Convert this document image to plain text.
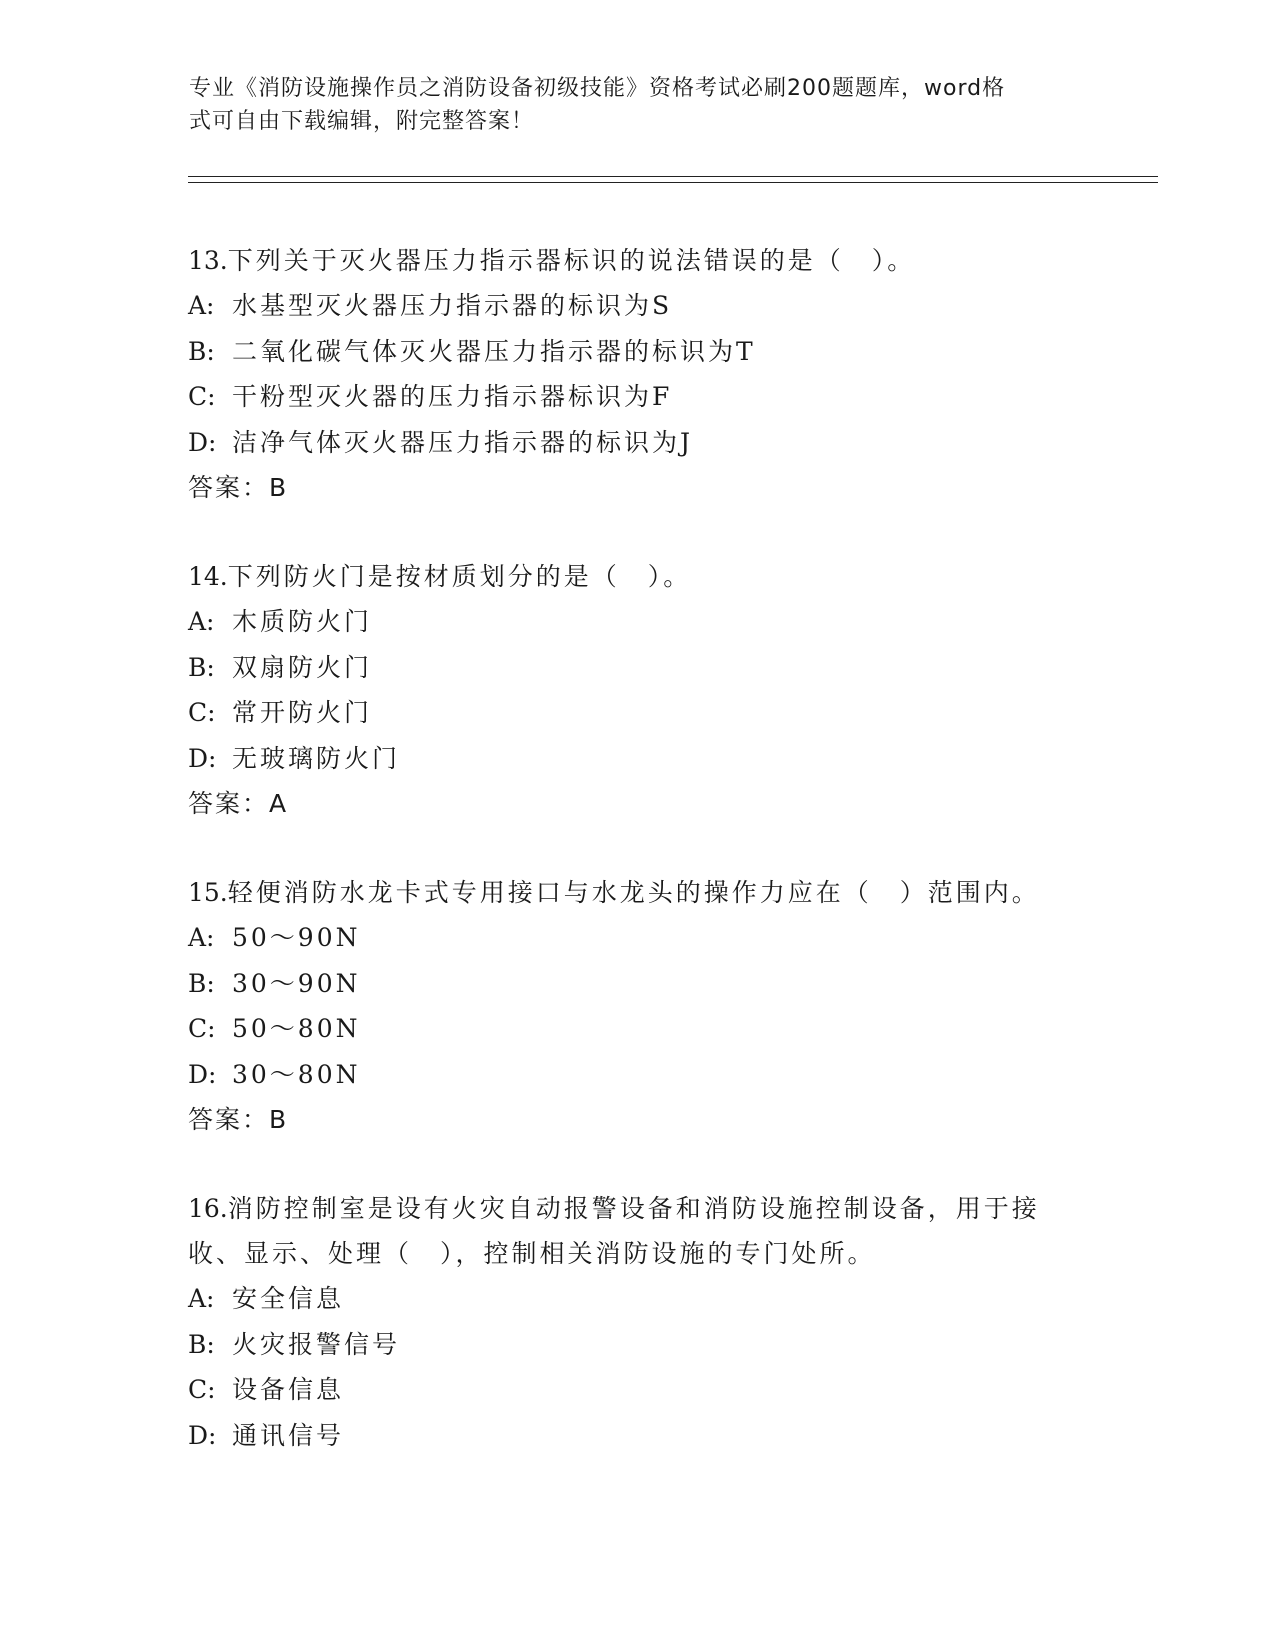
专业《消防设施操作员之消防设备初级技能》资格考试必刷200题题库，word格
式可自由下载编辑，附完整答案！

13.下列关于灭火器压力指示器标识的说法错误的是（　）。

A: 水基型灭火器压力指示器的标识为S
B: 二氧化碳气体灭火器压力指示器的标识为T
C: 干粉型灭火器的压力指示器标识为F
D: 洁净气体灭火器压力指示器的标识为J
答案：B

14.下列防火门是按材质划分的是（　）。

A: 木质防火门
B: 双扇防火门
C: 常开防火门
D: 无玻璃防火门
答案：A

15.轻便消防水龙卡式专用接口与水龙头的操作力应在（　）范围内。

A: 50～90N
B: 30～90N
C: 50～80N
D: 30～80N
答案：B

16.消防控制室是设有火灾自动报警设备和消防设施控制设备，用于接收、显示、处理（　），控制相关消防设施的专门处所。

A: 安全信息
B: 火灾报警信号
C: 设备信息
D: 通讯信号
